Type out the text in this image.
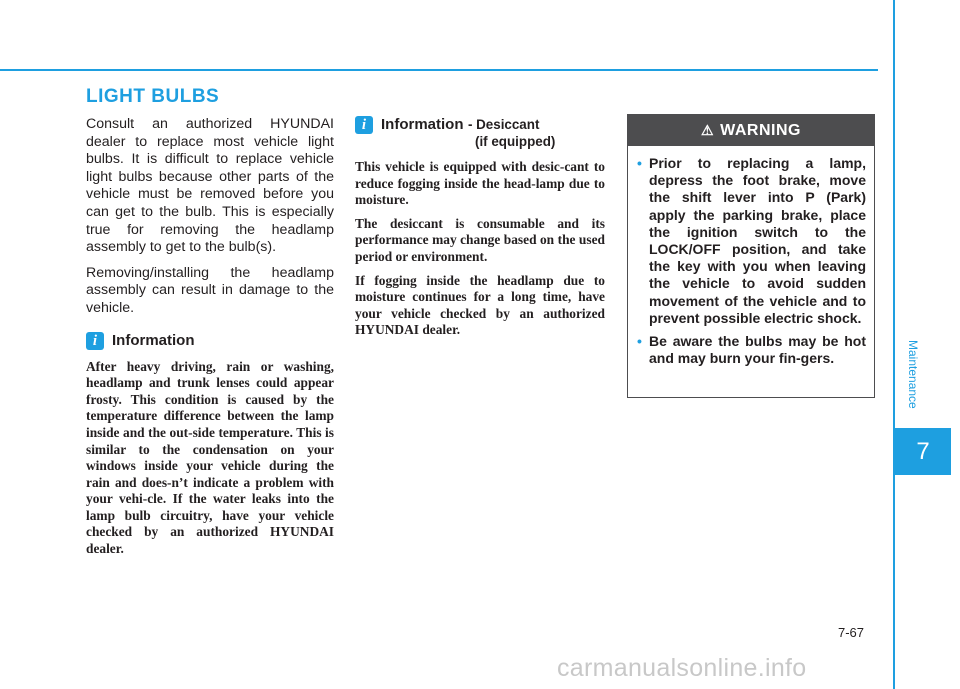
Maintenance
7
LIGHT BULBS

Consult an authorized HYUNDAI dealer to replace most vehicle light bulbs. It is difficult to replace vehicle light bulbs because other parts of the vehicle must be removed before you can get to the bulb. This is especially true for removing the headlamp assembly to get to the bulb(s).

Removing/installing the headlamp assembly can result in damage to the vehicle.

i Information

After heavy driving, rain or washing, headlamp and trunk lenses could appear frosty. This condition is caused by the temperature difference between the lamp inside and the out-side temperature. This is similar to the condensation on your windows inside your vehicle during the rain and does-n’t indicate a problem with your vehi-cle. If the water leaks into the lamp bulb circuitry, have your vehicle checked by an authorized HYUNDAI dealer.

i Information - Desiccant
(if equipped)

This vehicle is equipped with desic-cant to reduce fogging inside the head-lamp due to moisture.

The desiccant is consumable and its performance may change based on the used period or environment.

If fogging inside the headlamp due to moisture continues for a long time, have your vehicle checked by an authorized HYUNDAI dealer.

⚠ WARNING
• Prior to replacing a lamp, depress the foot brake, move the shift lever into P (Park) apply the parking brake, place the ignition switch to the LOCK/OFF position, and take the key with you when leaving the vehicle to avoid sudden movement of the vehicle and to prevent possible electric shock.
• Be aware the bulbs may be hot and may burn your fin-gers.
7-67
carmanualsonline.info
